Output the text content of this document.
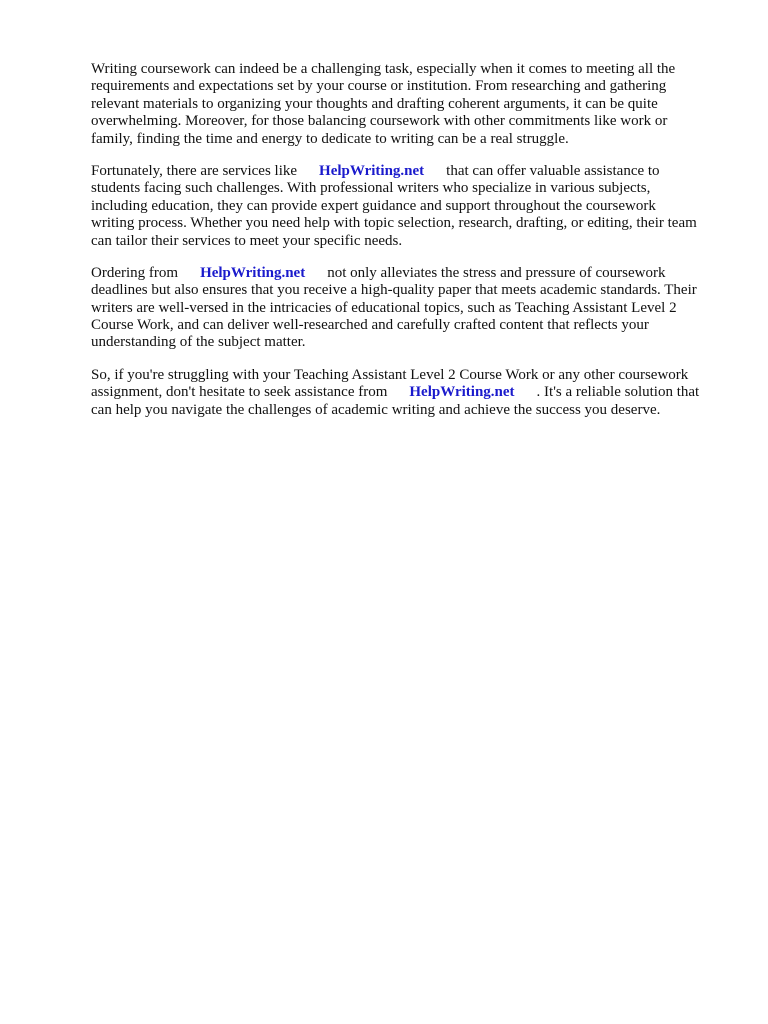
Writing coursework can indeed be a challenging task, especially when it comes to meeting all the
requirements and expectations set by your course or institution. From researching and gathering
relevant materials to organizing your thoughts and drafting coherent arguments, it can be quite
overwhelming. Moreover, for those balancing coursework with other commitments like work or
family, finding the time and energy to dedicate to writing can be a real struggle.

Fortunately, there are services like HelpWriting.net that can offer valuable assistance to
students facing such challenges. With professional writers who specialize in various subjects,
including education, they can provide expert guidance and support throughout the coursework
writing process. Whether you need help with topic selection, research, drafting, or editing, their team
can tailor their services to meet your specific needs.

Ordering from HelpWriting.net not only alleviates the stress and pressure of coursework
deadlines but also ensures that you receive a high-quality paper that meets academic standards. Their
writers are well-versed in the intricacies of educational topics, such as Teaching Assistant Level 2
Course Work, and can deliver well-researched and carefully crafted content that reflects your
understanding of the subject matter.

So, if you're struggling with your Teaching Assistant Level 2 Course Work or any other coursework
assignment, don't hesitate to seek assistance from HelpWriting.net . It's a reliable solution that
can help you navigate the challenges of academic writing and achieve the success you deserve.
